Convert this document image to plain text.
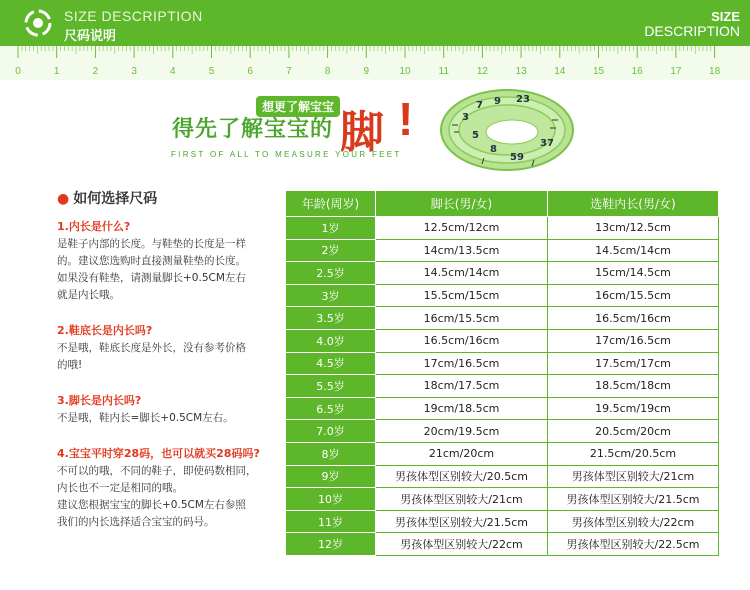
SIZE DESCRIPTION
尺码说明
SIZE
DESCRIPTION
0	1	2	3	4	5	6	7	8	9	10	11	12	13	14	15	16	17	18
想更了解宝宝
得先了解宝宝的 脚 !
FIRST OF ALL TO MEASURE YOUR FEET
3
7 9 23
5
8
59
37
● 如何选择尺码
1.内长是什么?
是鞋子内部的长度。与鞋垫的长度是一样
的。建议您选购时直接测量鞋垫的长度。
如果没有鞋垫，请测量脚长+0.5CM左右
就是内长哦。
2.鞋底长是内长吗?
不是哦，鞋底长度是外长，没有参考价格
的哦!
3.脚长是内长吗?
不是哦，鞋内长=脚长+0.5CM左右。
4.宝宝平时穿28码，也可以就买28码吗?
不可以的哦，不同的鞋子，即使码数相同，
内长也不一定是相同的哦。
建议您根据宝宝的脚长+0.5CM左右参照
我们的内长选择适合宝宝的码号。
年龄(周岁)	脚长(男/女)	选鞋内长(男/女)
1岁	12.5cm/12cm	13cm/12.5cm
2岁	14cm/13.5cm	14.5cm/14cm
2.5岁	14.5cm/14cm	15cm/14.5cm
3岁	15.5cm/15cm	16cm/15.5cm
3.5岁	16cm/15.5cm	16.5cm/16cm
4.0岁	16.5cm/16cm	17cm/16.5cm
4.5岁	17cm/16.5cm	17.5cm/17cm
5.5岁	18cm/17.5cm	18.5cm/18cm
6.5岁	19cm/18.5cm	19.5cm/19cm
7.0岁	20cm/19.5cm	20.5cm/20cm
8岁	21cm/20cm	21.5cm/20.5cm
9岁	男孩体型区别较大/20.5cm	男孩体型区别较大/21cm
10岁	男孩体型区别较大/21cm	男孩体型区别较大/21.5cm
11岁	男孩体型区别较大/21.5cm	男孩体型区别较大/22cm
12岁	男孩体型区别较大/22cm	男孩体型区别较大/22.5cm
